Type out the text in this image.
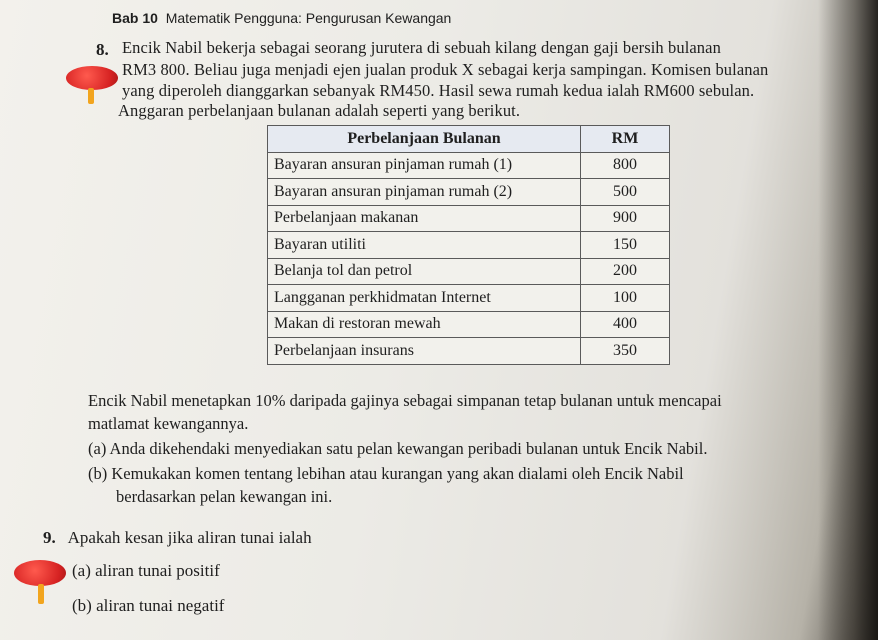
Bab 10 Matematik Pengguna: Pengurusan Kewangan
8. Encik Nabil bekerja sebagai seorang jurutera di sebuah kilang dengan gaji bersih bulanan
RM3 800. Beliau juga menjadi ejen jualan produk X sebagai kerja sampingan. Komisen bulanan
yang diperoleh dianggarkan sebanyak RM450. Hasil sewa rumah kedua ialah RM600 sebulan.
Anggaran perbelanjaan bulanan adalah seperti yang berikut.
Perbelanjaan Bulanan	RM
Bayaran ansuran pinjaman rumah (1)	800
Bayaran ansuran pinjaman rumah (2)	500
Perbelanjaan makanan	900
Bayaran utiliti	150
Belanja tol dan petrol	200
Langganan perkhidmatan Internet	100
Makan di restoran mewah	400
Perbelanjaan insurans	350
Encik Nabil menetapkan 10% daripada gajinya sebagai simpanan tetap bulanan untuk mencapai
matlamat kewangannya.
(a) Anda dikehendaki menyediakan satu pelan kewangan peribadi bulanan untuk Encik Nabil.
(b) Kemukakan komen tentang lebihan atau kurangan yang akan dialami oleh Encik Nabil
berdasarkan pelan kewangan ini.
9. Apakah kesan jika aliran tunai ialah
(a) aliran tunai positif
(b) aliran tunai negatif
